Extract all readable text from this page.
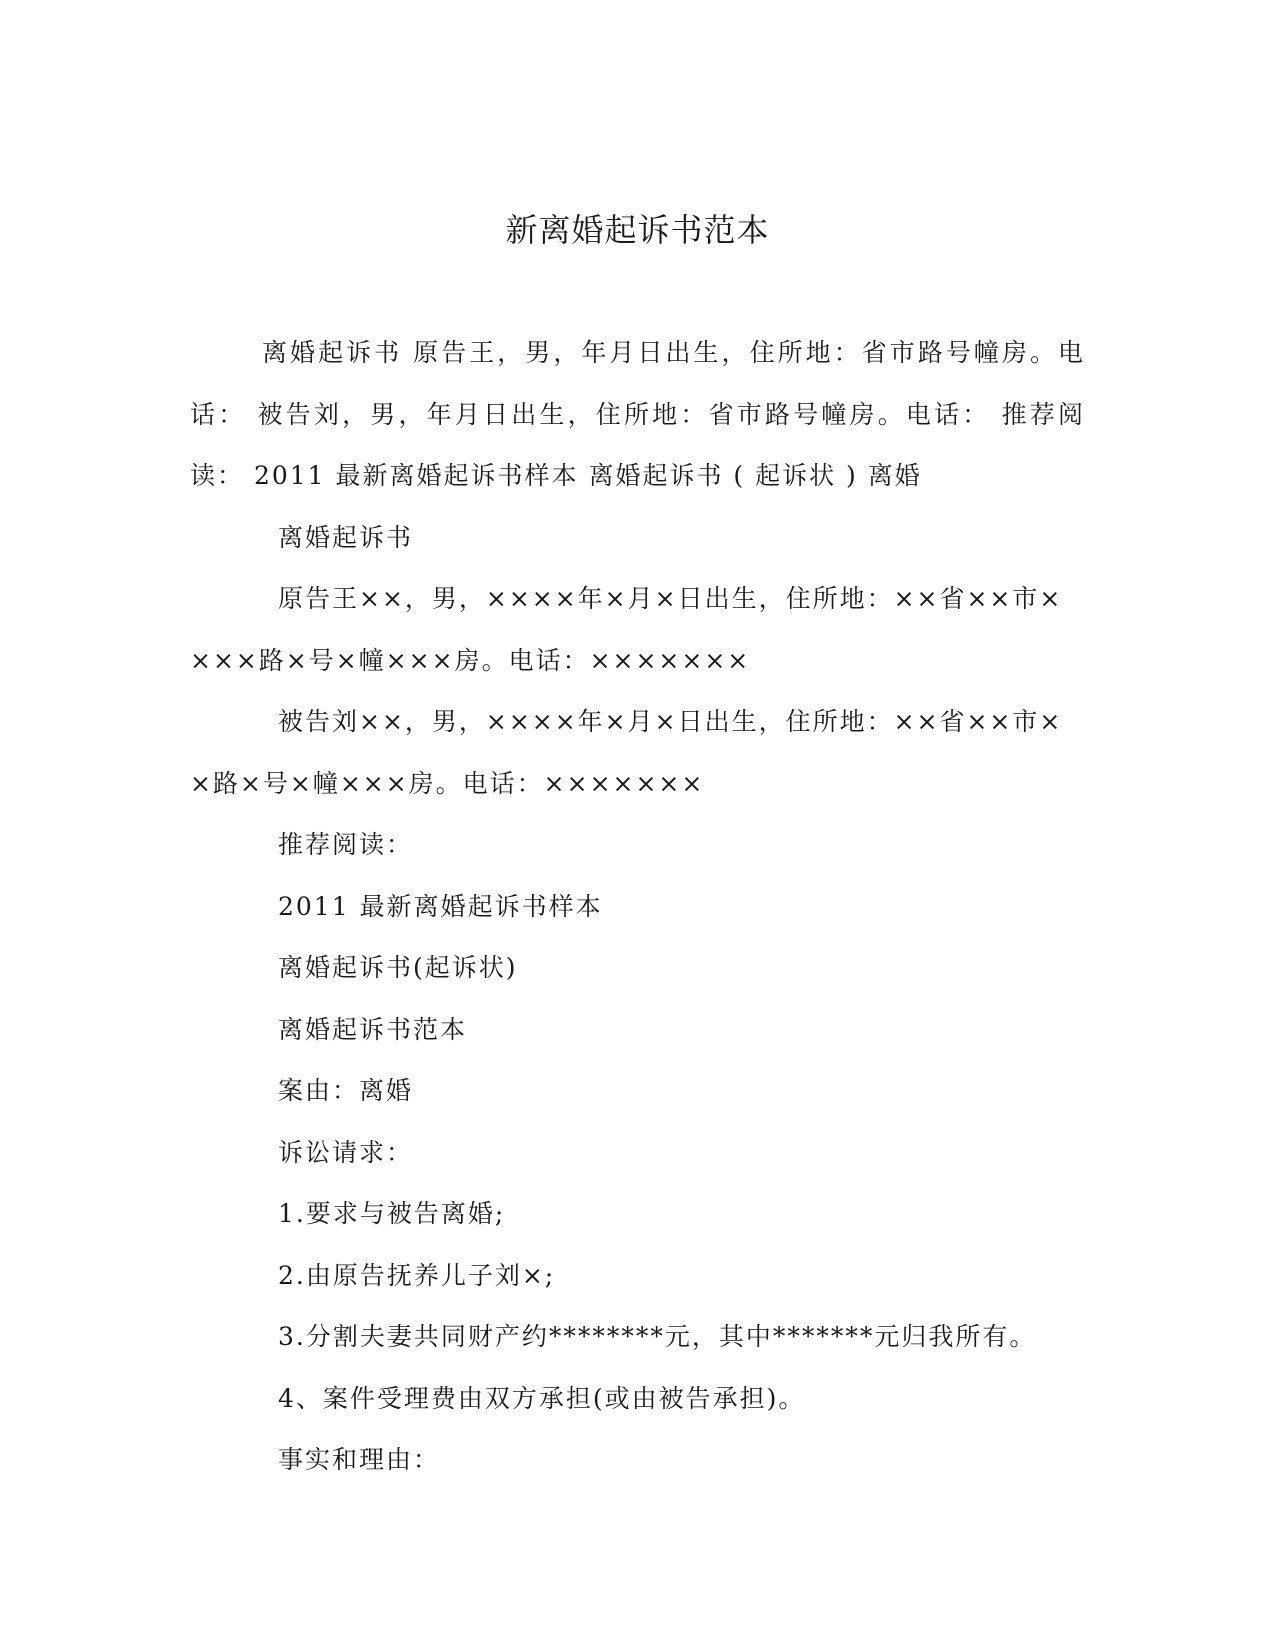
新离婚起诉书范本

离婚起诉书 原告王，男，年月日出生，住所地：省市路号幢房。电话： 被告刘，男，年月日出生，住所地：省市路号幢房。电话： 推荐阅读： 2011 最新离婚起诉书样本 离婚起诉书 ( 起诉状 ) 离婚

离婚起诉书

原告王××，男，××××年×月×日出生，住所地：××省××市××××路×号×幢×××房。电话：×××××××

被告刘××，男，××××年×月×日出生，住所地：××省××市××路×号×幢×××房。电话：×××××××

推荐阅读：

2011 最新离婚起诉书样本

离婚起诉书(起诉状)

离婚起诉书范本

案由：离婚

诉讼请求：

1.要求与被告离婚;

2.由原告抚养儿子刘×;

3.分割夫妻共同财产约********元，其中*******元归我所有。

4、案件受理费由双方承担(或由被告承担)。

事实和理由：
